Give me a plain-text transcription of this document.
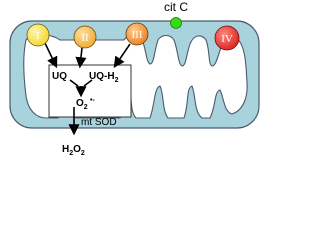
I	II	III	IV
cit C
UQ $UQ-H_2$
$O_2$
•-
mt SOD
$H_2O_2$
